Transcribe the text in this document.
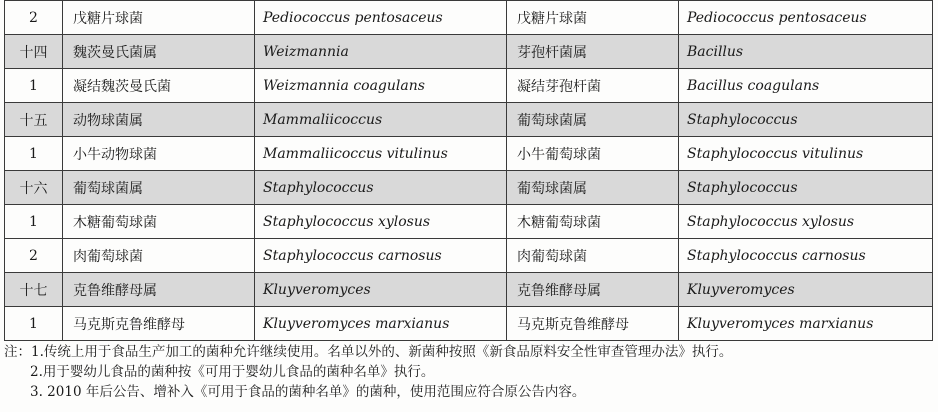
2	戊糖片球菌	Pediococcus pentosaceus	戊糖片球菌	Pediococcus pentosaceus
十四	魏茨曼氏菌属	Weizmannia	芽孢杆菌属	Bacillus
1	凝结魏茨曼氏菌	Weizmannia coagulans	凝结芽孢杆菌	Bacillus coagulans
十五	动物球菌属	Mammaliicoccus	葡萄球菌属	Staphylococcus
1	小牛动物球菌	Mammaliicoccus vitulinus	小牛葡萄球菌	Staphylococcus vitulinus
十六	葡萄球菌属	Staphylococcus	葡萄球菌属	Staphylococcus
1	木糖葡萄球菌	Staphylococcus xylosus	木糖葡萄球菌	Staphylococcus xylosus
2	肉葡萄球菌	Staphylococcus carnosus	肉葡萄球菌	Staphylococcus carnosus
十七	克鲁维酵母属	Kluyveromyces	克鲁维酵母属	Kluyveromyces
1	马克斯克鲁维酵母	Kluyveromyces marxianus	马克斯克鲁维酵母	Kluyveromyces marxianus
注：1.传统上用于食品生产加工的菌种允许继续使用。名单以外的、新菌种按照《新食品原料安全性审查管理办法》执行。
2.用于婴幼儿食品的菌种按《可用于婴幼儿食品的菌种名单》执行。
3. 2010 年后公告、增补入《可用于食品的菌种名单》的菌种，使用范围应符合原公告内容。
